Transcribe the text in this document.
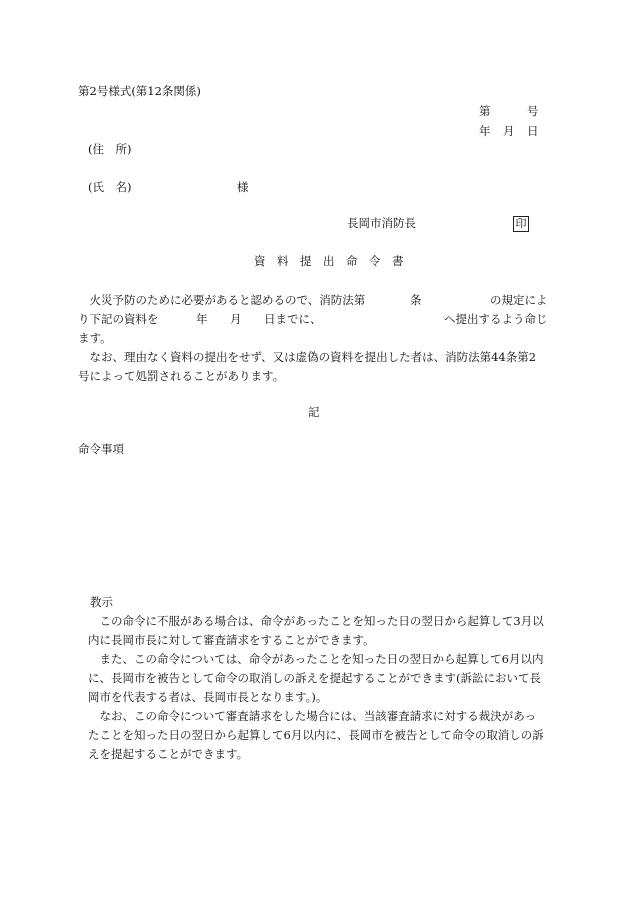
第2号様式(第12条関係)
第	号
年 月 日
(住　所)
(氏　名)	様
長岡市消防長	印
資　料　提　出　命　令　書
　火災予防のために必要があると認めるので、消防法第	条	の規定によ
り下記の資料を	年 月 日までに、	へ提出するよう命じ
ます。
　なお、理由なく資料の提出をせず、又は虚偽の資料を提出した者は、消防法第44条第2
号によって処罰されることがあります。
記
命令事項
教示
　この命令に不服がある場合は、命令があったことを知った日の翌日から起算して3月以
内に長岡市長に対して審査請求をすることができます。
　また、この命令については、命令があったことを知った日の翌日から起算して6月以内
に、長岡市を被告として命令の取消しの訴えを提起することができます(訴訟において長
岡市を代表する者は、長岡市長となります。)。
　なお、この命令について審査請求をした場合には、当該審査請求に対する裁決があっ
たことを知った日の翌日から起算して6月以内に、長岡市を被告として命令の取消しの訴
えを提起することができます。
